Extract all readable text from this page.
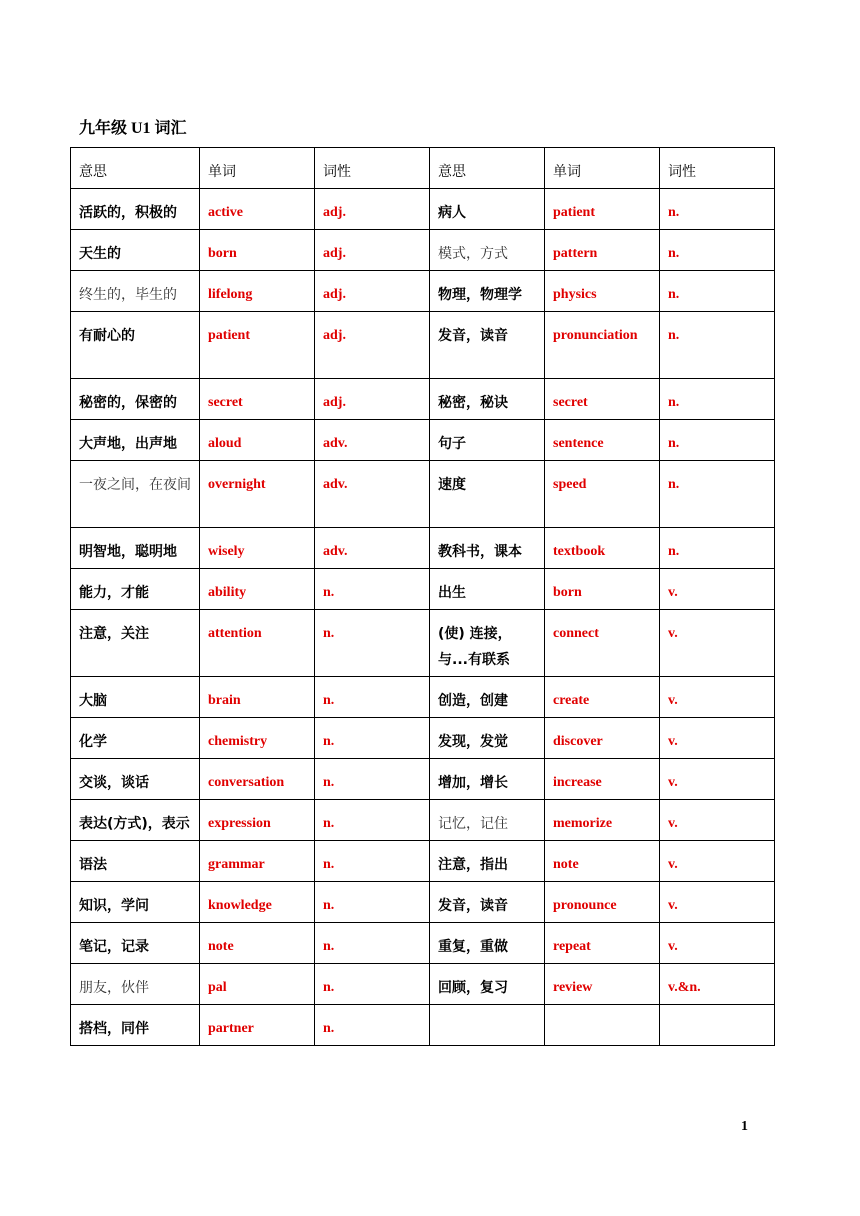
九年级 U1 词汇
意思	单词	词性	意思	单词	词性
活跃的，积极的	active	adj.	病人	patient	n.
天生的	born	adj.	模式，方式	pattern	n.
终生的，毕生的	lifelong	adj.	物理，物理学	physics	n.
有耐心的	patient	adj.	发音，读音	pronunciation	n.
秘密的，保密的	secret	adj.	秘密，秘诀	secret	n.
大声地，出声地	aloud	adv.	句子	sentence	n.
一夜之间，在夜间	overnight	adv.	速度	speed	n.
明智地，聪明地	wisely	adv.	教科书，课本	textbook	n.
能力，才能	ability	n.	出生	born	v.
注意，关注	attention	n.	(使) 连接，与...有联系	connect	v.
大脑	brain	n.	创造，创建	create	v.
化学	chemistry	n.	发现，发觉	discover	v.
交谈，谈话	conversation	n.	增加，增长	increase	v.
表达(方式)，表示	expression	n.	记忆，记住	memorize	v.
语法	grammar	n.	注意，指出	note	v.
知识，学问	knowledge	n.	发音，读音	pronounce	v.
笔记，记录	note	n.	重复，重做	repeat	v.
朋友，伙伴	pal	n.	回顾，复习	review	v.&n.
搭档，同伴	partner	n.			
1
